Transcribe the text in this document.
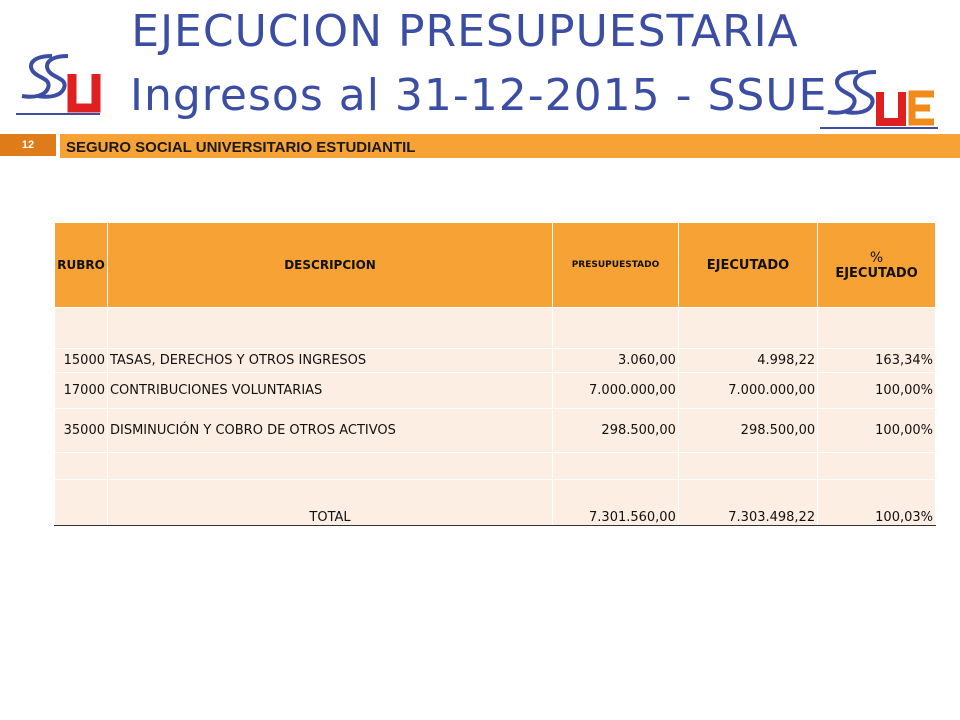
EJECUCION PRESUPUESTARIA
Ingresos al 31-12-2015 - SSUE
12	SEGURO SOCIAL UNIVERSITARIO ESTUDIANTIL
RUBRO	DESCRIPCION	PRESUPUESTADO	EJECUTADO	%
EJECUTADO

15000	TASAS, DERECHOS Y OTROS INGRESOS	3.060,00	4.998,22	163,34%
17000	CONTRIBUCIONES VOLUNTARIAS	7.000.000,00	7.000.000,00	100,00%
35000	DISMINUCIÓN Y COBRO DE OTROS ACTIVOS	298.500,00	298.500,00	100,00%

	TOTAL	7.301.560,00	7.303.498,22	100,03%
